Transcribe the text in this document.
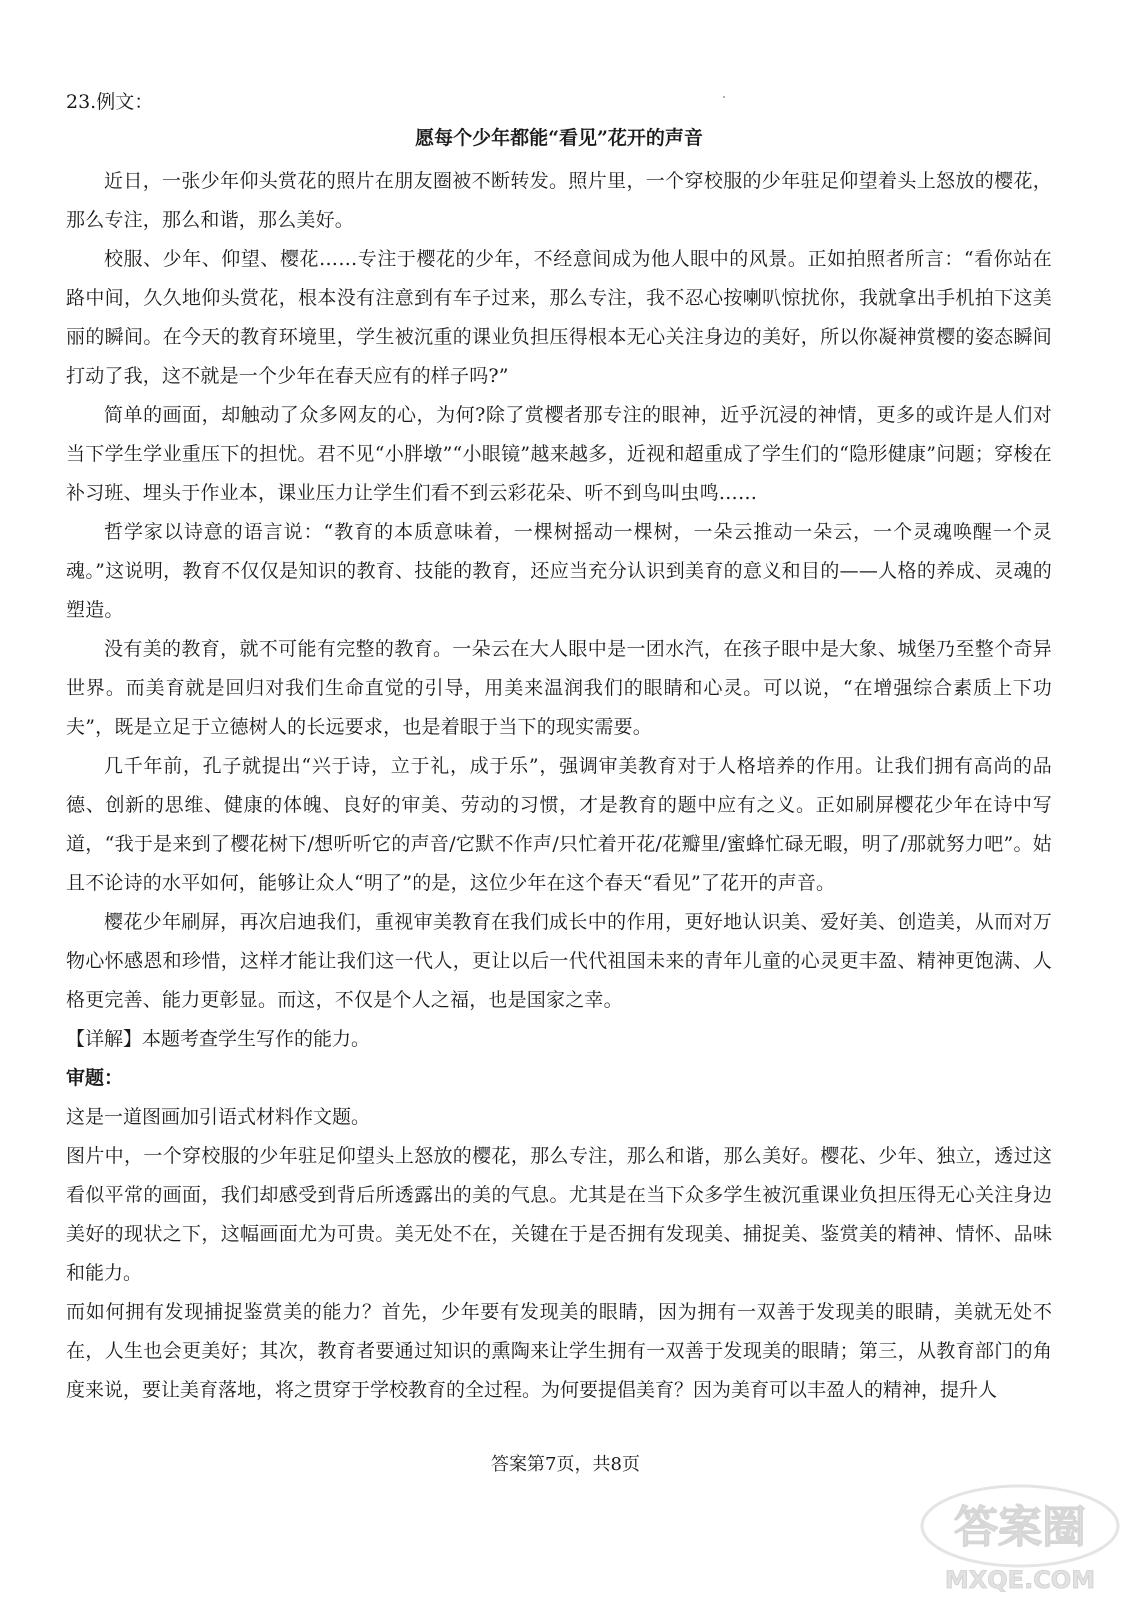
23.例文：

愿每个少年都能“看见”花开的声音

近日，一张少年仰头赏花的照片在朋友圈被不断转发。照片里，一个穿校服的少年驻足仰望着头上怒放的樱花，那么专注，那么和谐，那么美好。

校服、少年、仰望、樱花……专注于樱花的少年，不经意间成为他人眼中的风景。正如拍照者所言：“看你站在路中间，久久地仰头赏花，根本没有注意到有车子过来，那么专注，我不忍心按喇叭惊扰你，我就拿出手机拍下这美丽的瞬间。在今天的教育环境里，学生被沉重的课业负担压得根本无心关注身边的美好，所以你凝神赏樱的姿态瞬间打动了我，这不就是一个少年在春天应有的样子吗?”

简单的画面，却触动了众多网友的心，为何?除了赏樱者那专注的眼神，近乎沉浸的神情，更多的或许是人们对当下学生学业重压下的担忧。君不见“小胖墩”“小眼镜”越来越多，近视和超重成了学生们的“隐形健康”问题；穿梭在补习班、埋头于作业本，课业压力让学生们看不到云彩花朵、听不到鸟叫虫鸣……

哲学家以诗意的语言说：“教育的本质意味着，一棵树摇动一棵树，一朵云推动一朵云，一个灵魂唤醒一个灵魂。”这说明，教育不仅仅是知识的教育、技能的教育，还应当充分认识到美育的意义和目的——人格的养成、灵魂的塑造。

没有美的教育，就不可能有完整的教育。一朵云在大人眼中是一团水汽，在孩子眼中是大象、城堡乃至整个奇异世界。而美育就是回归对我们生命直觉的引导，用美来温润我们的眼睛和心灵。可以说，“在增强综合素质上下功夫”，既是立足于立德树人的长远要求，也是着眼于当下的现实需要。

几千年前，孔子就提出“兴于诗，立于礼，成于乐”，强调审美教育对于人格培养的作用。让我们拥有高尚的品德、创新的思维、健康的体魄、良好的审美、劳动的习惯，才是教育的题中应有之义。正如刷屏樱花少年在诗中写道，“我于是来到了樱花树下/想听听它的声音/它默不作声/只忙着开花/花瓣里/蜜蜂忙碌无暇，明了/那就努力吧”。姑且不论诗的水平如何，能够让众人“明了”的是，这位少年在这个春天“看见”了花开的声音。

樱花少年刷屏，再次启迪我们，重视审美教育在我们成长中的作用，更好地认识美、爱好美、创造美，从而对万物心怀感恩和珍惜，这样才能让我们这一代人，更让以后一代代祖国未来的青年儿童的心灵更丰盈、精神更饱满、人格更完善、能力更彰显。而这，不仅是个人之福，也是国家之幸。

【详解】本题考查学生写作的能力。

审题：

这是一道图画加引语式材料作文题。

图片中，一个穿校服的少年驻足仰望头上怒放的樱花，那么专注，那么和谐，那么美好。樱花、少年、独立，透过这看似平常的画面，我们却感受到背后所透露出的美的气息。尤其是在当下众多学生被沉重课业负担压得无心关注身边美好的现状之下，这幅画面尤为可贵。美无处不在，关键在于是否拥有发现美、捕捉美、鉴赏美的精神、情怀、品味和能力。

而如何拥有发现捕捉鉴赏美的能力？首先，少年要有发现美的眼睛，因为拥有一双善于发现美的眼睛，美就无处不在，人生也会更美好；其次，教育者要通过知识的熏陶来让学生拥有一双善于发现美的眼睛；第三，从教育部门的角度来说，要让美育落地，将之贯穿于学校教育的全过程。为何要提倡美育？因为美育可以丰盈人的精神，提升人

答案第7页，共8页
答案圈
MXQE.COM
